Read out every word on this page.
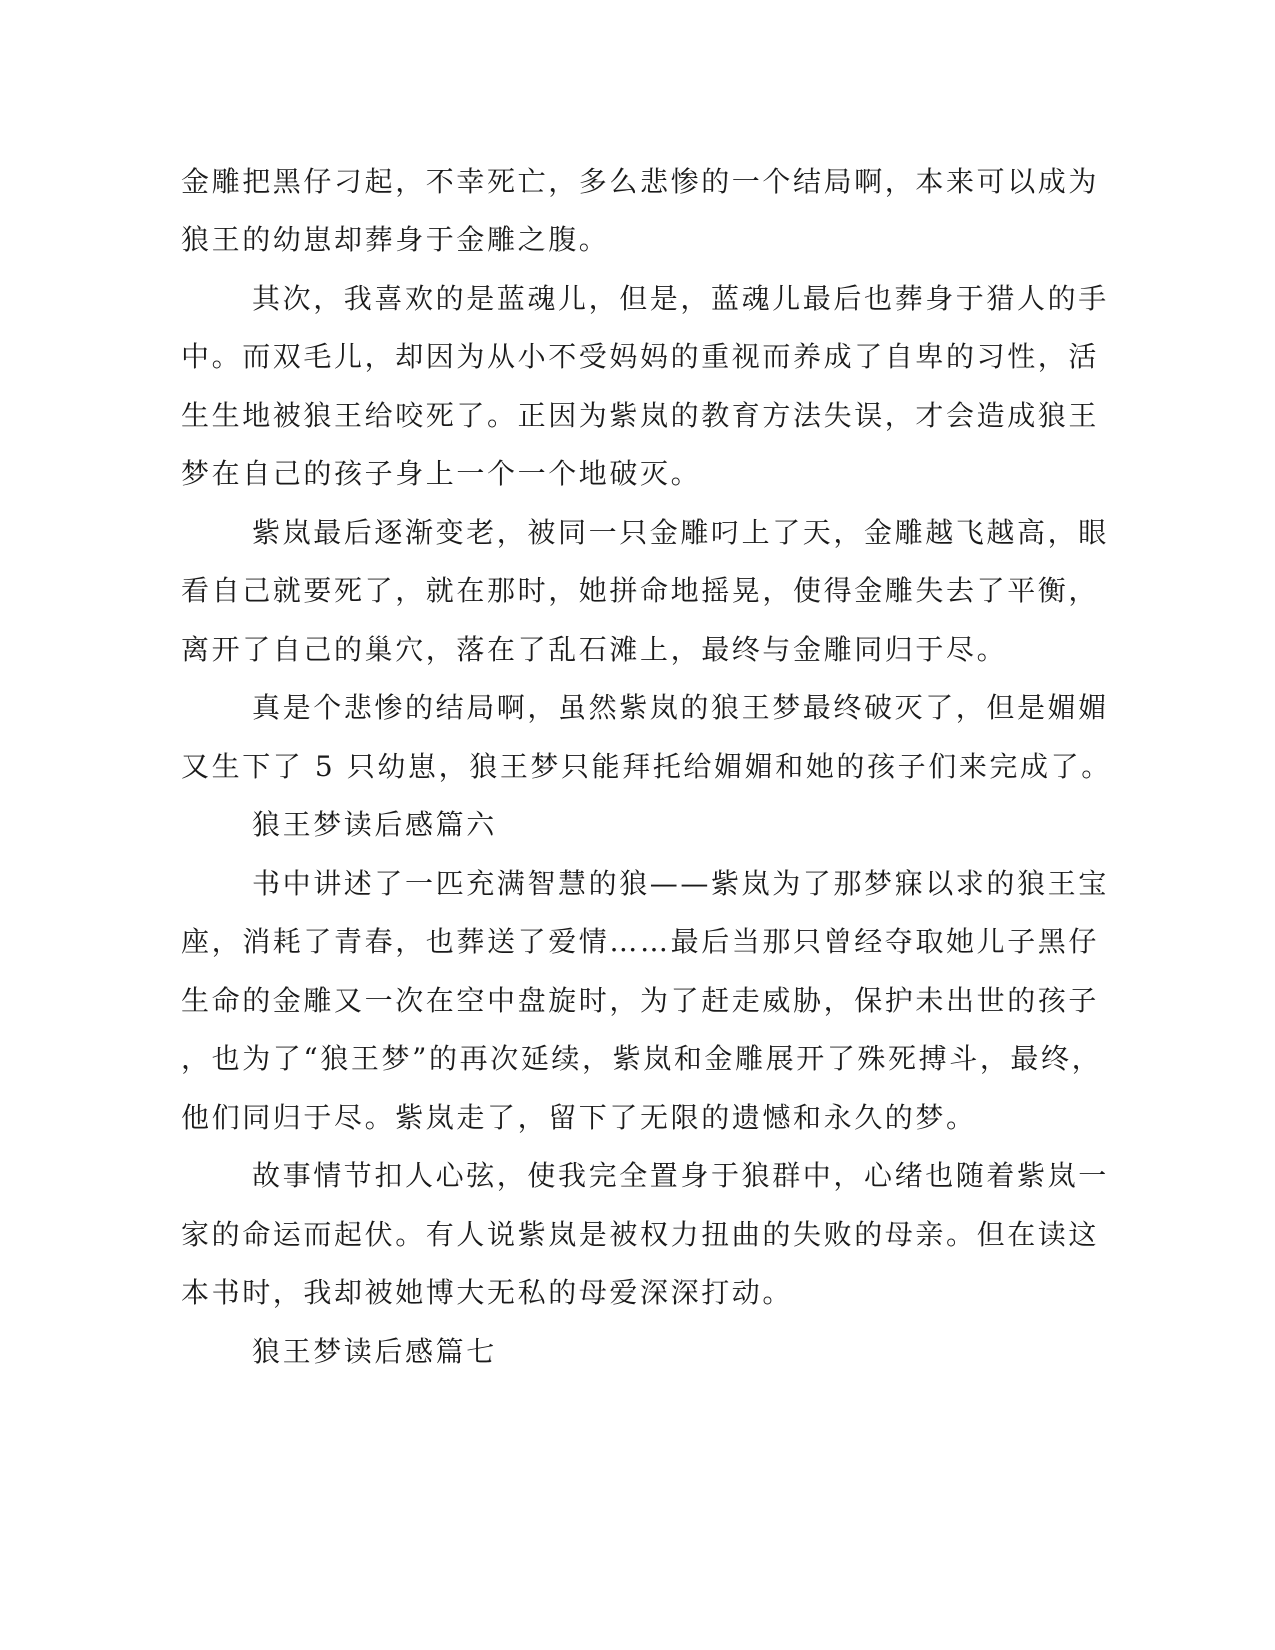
金雕把黑仔刁起，不幸死亡，多么悲惨的一个结局啊，本来可以成为
狼王的幼崽却葬身于金雕之腹。
其次，我喜欢的是蓝魂儿，但是，蓝魂儿最后也葬身于猎人的手
中。而双毛儿，却因为从小不受妈妈的重视而养成了自卑的习性，活
生生地被狼王给咬死了。正因为紫岚的教育方法失误，才会造成狼王
梦在自己的孩子身上一个一个地破灭。
紫岚最后逐渐变老，被同一只金雕叼上了天，金雕越飞越高，眼
看自己就要死了，就在那时，她拼命地摇晃，使得金雕失去了平衡，
离开了自己的巢穴，落在了乱石滩上，最终与金雕同归于尽。
真是个悲惨的结局啊，虽然紫岚的狼王梦最终破灭了，但是媚媚
又生下了 5 只幼崽，狼王梦只能拜托给媚媚和她的孩子们来完成了。
狼王梦读后感篇六
书中讲述了一匹充满智慧的狼——紫岚为了那梦寐以求的狼王宝
座，消耗了青春，也葬送了爱情……最后当那只曾经夺取她儿子黑仔
生命的金雕又一次在空中盘旋时，为了赶走威胁，保护未出世的孩子
，也为了“狼王梦”的再次延续，紫岚和金雕展开了殊死搏斗，最终，
他们同归于尽。紫岚走了，留下了无限的遗憾和永久的梦。
故事情节扣人心弦，使我完全置身于狼群中，心绪也随着紫岚一
家的命运而起伏。有人说紫岚是被权力扭曲的失败的母亲。但在读这
本书时，我却被她博大无私的母爱深深打动。
狼王梦读后感篇七
